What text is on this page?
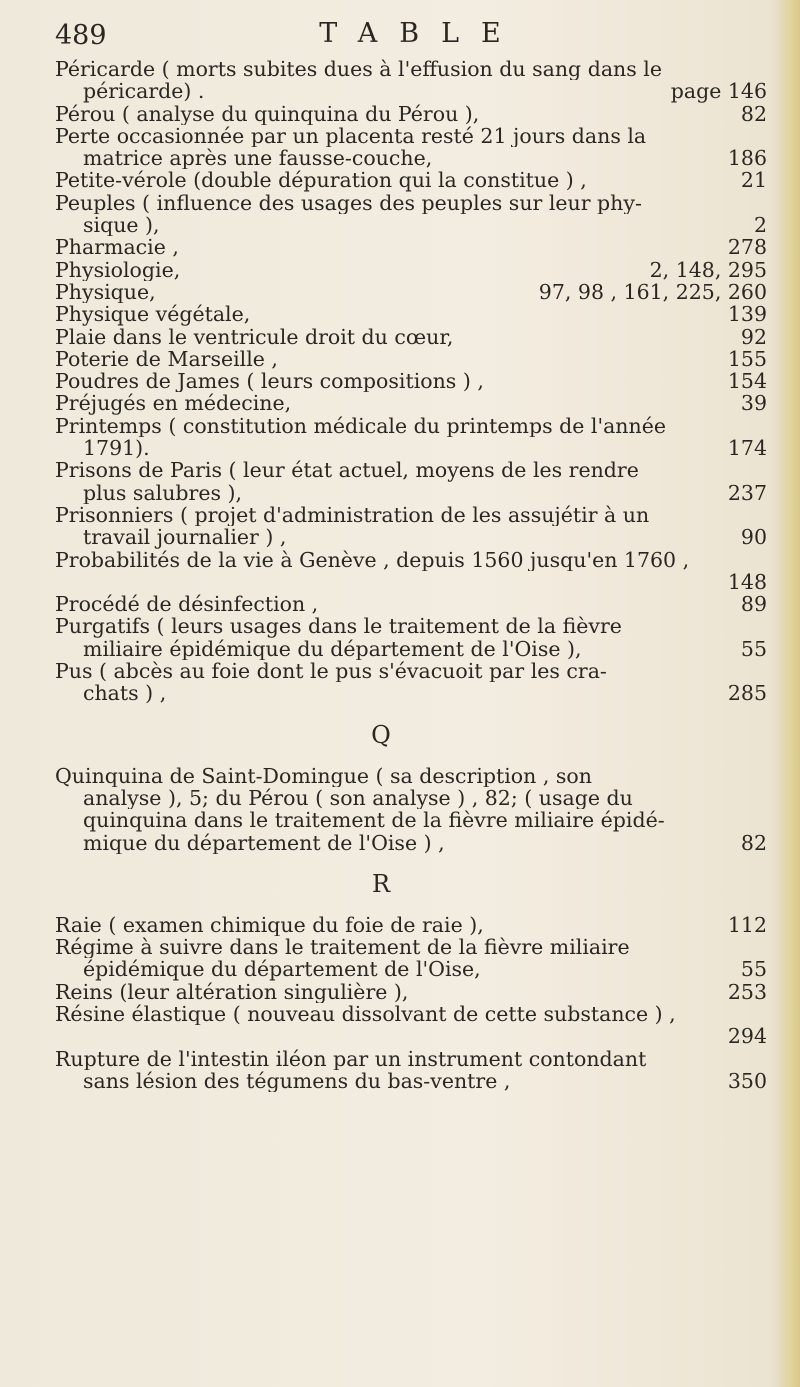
489	TABLE
Péricarde ( morts subites dues à l'effusion du sang dans le
péricarde) .	page 146
Pérou ( analyse du quinquina du Pérou ),	82
Perte occasionnée par un placenta resté 21 jours dans la
matrice après une fausse-couche,	186
Petite-vérole (double dépuration qui la constitue ) ,	21
Peuples ( influence des usages des peuples sur leur phy-
sique ),	2
Pharmacie ,	278
Physiologie,	2, 148, 295
Physique,	97, 98 , 161, 225, 260
Physique végétale,	139
Plaie dans le ventricule droit du cœur,	92
Poterie de Marseille ,	155
Poudres de James ( leurs compositions ) ,	154
Préjugés en médecine,	39
Printemps ( constitution médicale du printemps de l'année
1791).	174
Prisons de Paris ( leur état actuel, moyens de les rendre
plus salubres ),	237
Prisonniers ( projet d'administration de les assujétir à un
travail journalier ) ,	90
Probabilités de la vie à Genève , depuis 1560 jusqu'en 1760 ,
148
Procédé de désinfection ,	89
Purgatifs ( leurs usages dans le traitement de la fièvre
miliaire épidémique du département de l'Oise ),	55
Pus ( abcès au foie dont le pus s'évacuoit par les cra-
chats ) ,	285
Q
Quinquina de Saint-Domingue ( sa description , son
analyse ), 5; du Pérou ( son analyse ) , 82; ( usage du
quinquina dans le traitement de la fièvre miliaire épidé-
mique du département de l'Oise ) ,	82
R
Raie ( examen chimique du foie de raie ),	112
Régime à suivre dans le traitement de la fièvre miliaire
épidémique du département de l'Oise,	55
Reins (leur altération singulière ),	253
Résine élastique ( nouveau dissolvant de cette substance ) ,
294
Rupture de l'intestin iléon par un instrument contondant
sans lésion des tégumens du bas-ventre ,	350
